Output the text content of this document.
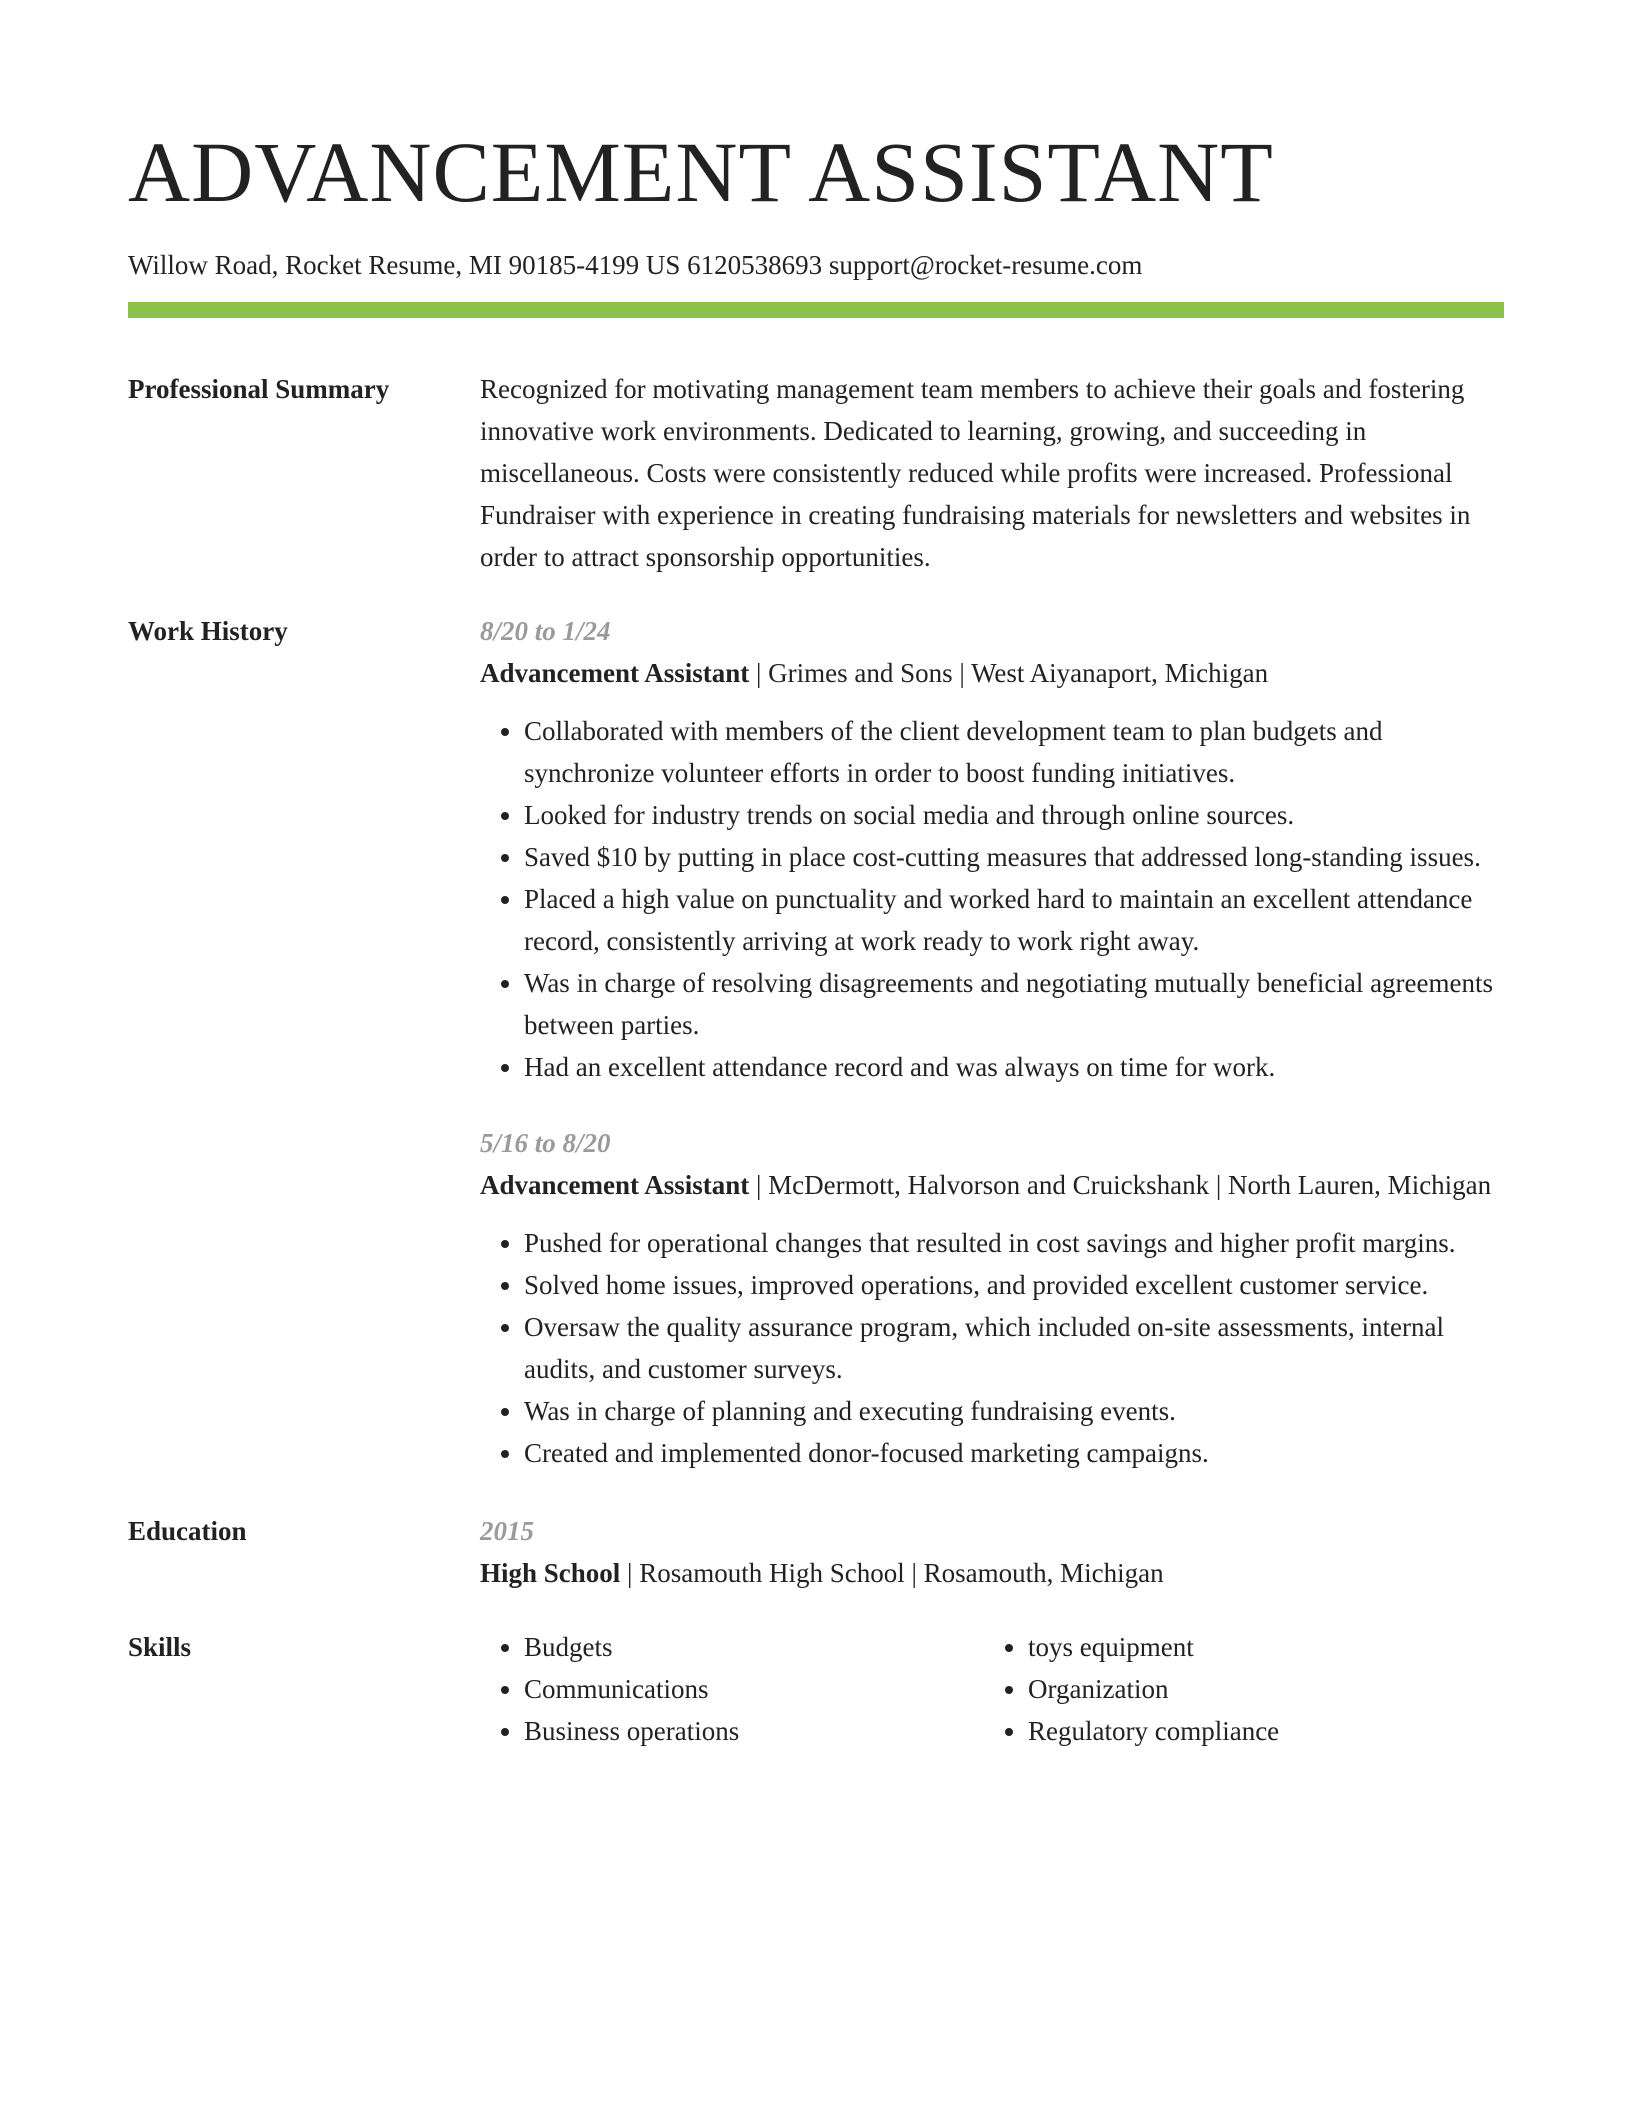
ADVANCEMENT ASSISTANT
Willow Road, Rocket Resume, MI 90185-4199 US 6120538693 support@rocket-resume.com
Professional Summary	Recognized for motivating management team members to achieve their goals and fostering innovative work environments. Dedicated to learning, growing, and succeeding in miscellaneous. Costs were consistently reduced while profits were increased. Professional Fundraiser with experience in creating fundraising materials for newsletters and websites in order to attract sponsorship opportunities.

Work History	8/20 to 1/24
Advancement Assistant | Grimes and Sons | West Aiyanaport, Michigan
• Collaborated with members of the client development team to plan budgets and synchronize volunteer efforts in order to boost funding initiatives.
• Looked for industry trends on social media and through online sources.
• Saved $10 by putting in place cost-cutting measures that addressed long-standing issues.
• Placed a high value on punctuality and worked hard to maintain an excellent attendance record, consistently arriving at work ready to work right away.
• Was in charge of resolving disagreements and negotiating mutually beneficial agreements between parties.
• Had an excellent attendance record and was always on time for work.
5/16 to 8/20
Advancement Assistant | McDermott, Halvorson and Cruickshank | North Lauren, Michigan
• Pushed for operational changes that resulted in cost savings and higher profit margins.
• Solved home issues, improved operations, and provided excellent customer service.
• Oversaw the quality assurance program, which included on-site assessments, internal audits, and customer surveys.
• Was in charge of planning and executing fundraising events.
• Created and implemented donor-focused marketing campaigns.
Education	2015
High School | Rosamouth High School | Rosamouth, Michigan
Skills
•	Budgets
• Communications
• Business operations
• toys equipment
• Organization
• Regulatory compliance
